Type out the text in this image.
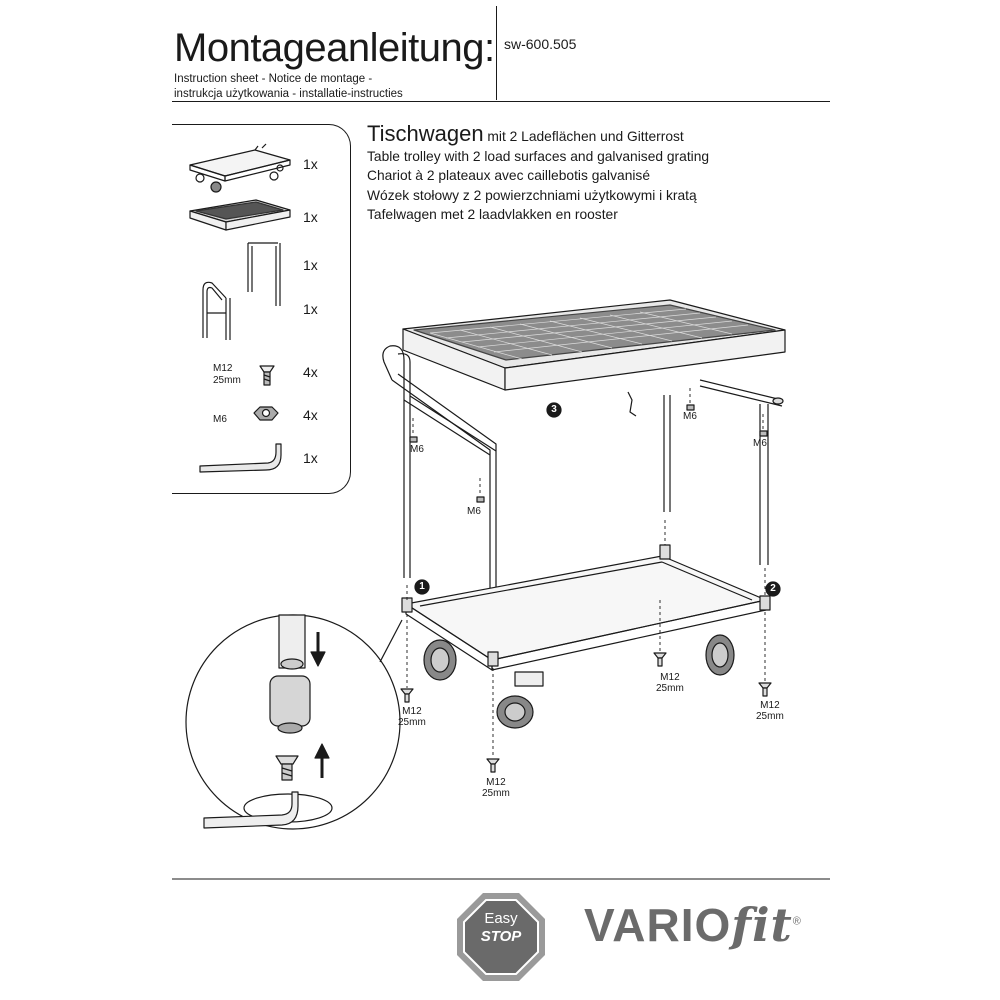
Montageanleitung: sw-600.505
Instruction sheet - Notice de montage -
instrukcja użytkowania - installatie-instructies
1x
1x
1x
1x
M12
25mm
4x
M6	4x
1x
Tischwagen mit 2 Ladeflächen und Gitterrost
Table trolley with 2 load surfaces and galvanised grating
Chariot à 2 plateaux avec caillebotis galvanisé
Wózek stołowy z 2 powierzchniami użytkowymi i kratą
Tafelwagen met 2 laadvlakken en rooster
1	2
3
M6
M6
M6
M6
M12
25mm
M12
25mm
M12
25mm
M12
25mm
Easy
STOP	VARIOfit®
